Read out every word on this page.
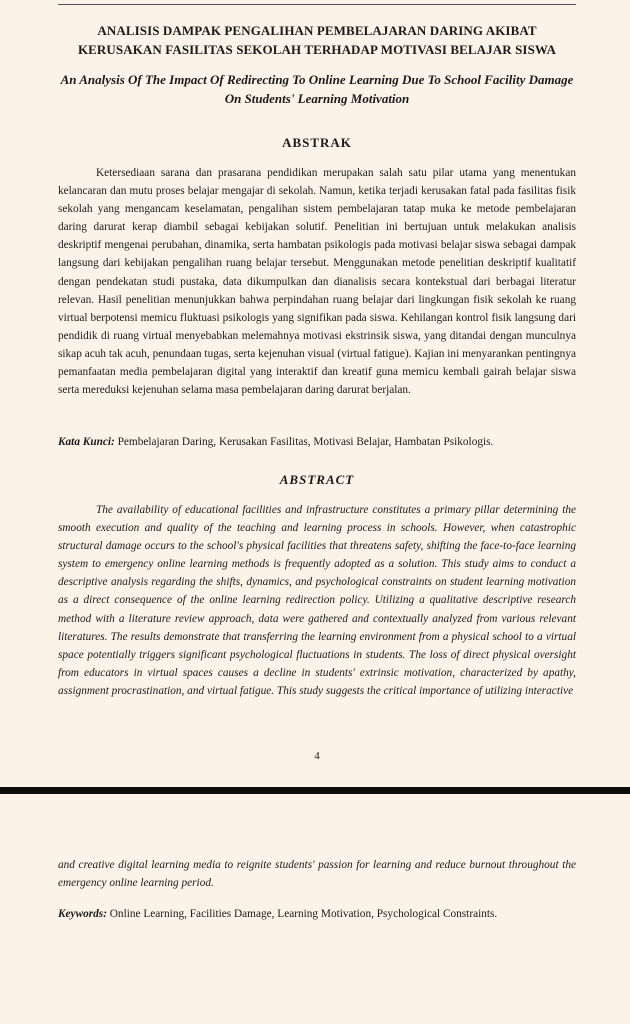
ANALISIS DAMPAK PENGALIHAN PEMBELAJARAN DARING AKIBAT KERUSAKAN FASILITAS SEKOLAH TERHADAP MOTIVASI BELAJAR SISWA
An Analysis Of The Impact Of Redirecting To Online Learning Due To School Facility Damage On Students' Learning Motivation
ABSTRAK

Ketersediaan sarana dan prasarana pendidikan merupakan salah satu pilar utama yang menentukan kelancaran dan mutu proses belajar mengajar di sekolah. Namun, ketika terjadi kerusakan fatal pada fasilitas fisik sekolah yang mengancam keselamatan, pengalihan sistem pembelajaran tatap muka ke metode pembelajaran daring darurat kerap diambil sebagai kebijakan solutif. Penelitian ini bertujuan untuk melakukan analisis deskriptif mengenai perubahan, dinamika, serta hambatan psikologis pada motivasi belajar siswa sebagai dampak langsung dari kebijakan pengalihan ruang belajar tersebut. Menggunakan metode penelitian deskriptif kualitatif dengan pendekatan studi pustaka, data dikumpulkan dan dianalisis secara kontekstual dari berbagai literatur relevan. Hasil penelitian menunjukkan bahwa perpindahan ruang belajar dari lingkungan fisik sekolah ke ruang virtual berpotensi memicu fluktuasi psikologis yang signifikan pada siswa. Kehilangan kontrol fisik langsung dari pendidik di ruang virtual menyebabkan melemahnya motivasi ekstrinsik siswa, yang ditandai dengan munculnya sikap acuh tak acuh, penundaan tugas, serta kejenuhan visual (virtual fatigue). Kajian ini menyarankan pentingnya pemanfaatan media pembelajaran digital yang interaktif dan kreatif guna memicu kembali gairah belajar siswa serta mereduksi kejenuhan selama masa pembelajaran daring darurat berjalan.

Kata Kunci: Pembelajaran Daring, Kerusakan Fasilitas, Motivasi Belajar, Hambatan Psikologis.

ABSTRACT

The availability of educational facilities and infrastructure constitutes a primary pillar determining the smooth execution and quality of the teaching and learning process in schools. However, when catastrophic structural damage occurs to the school's physical facilities that threatens safety, shifting the face-to-face learning system to emergency online learning methods is frequently adopted as a solution. This study aims to conduct a descriptive analysis regarding the shifts, dynamics, and psychological constraints on student learning motivation as a direct consequence of the online learning redirection policy. Utilizing a qualitative descriptive research method with a literature review approach, data were gathered and contextually analyzed from various relevant literatures. The results demonstrate that transferring the learning environment from a physical school to a virtual space potentially triggers significant psychological fluctuations in students. The loss of direct physical oversight from educators in virtual spaces causes a decline in students' extrinsic motivation, characterized by apathy, assignment procrastination, and virtual fatigue. This study suggests the critical importance of utilizing interactive

4

and creative digital learning media to reignite students' passion for learning and reduce burnout throughout the emergency online learning period.

Keywords: Online Learning, Facilities Damage, Learning Motivation, Psychological Constraints.
